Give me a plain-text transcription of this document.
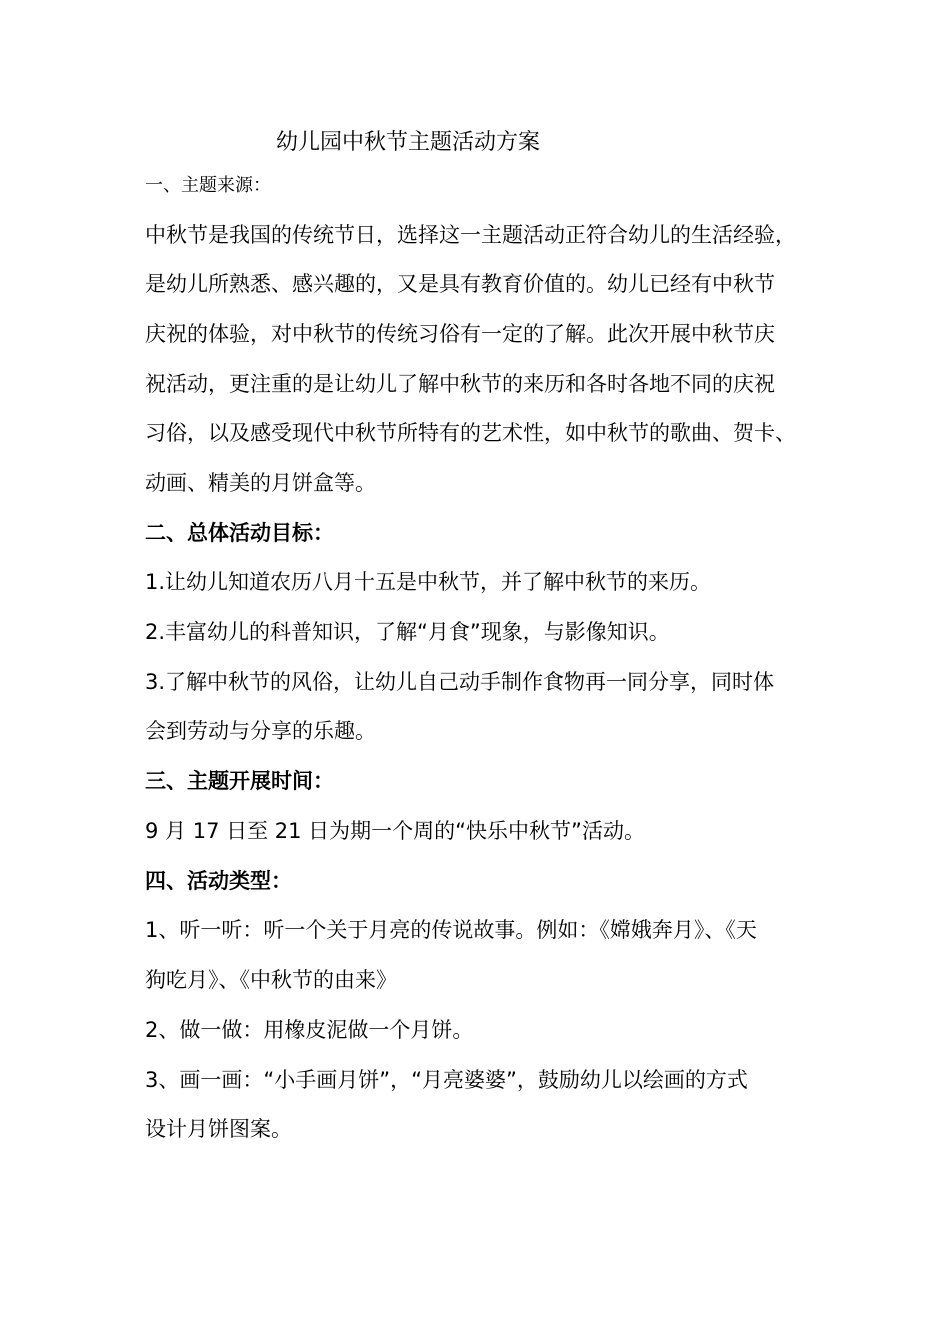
幼儿园中秋节主题活动方案
一、主题来源：
中秋节是我国的传统节日，选择这一主题活动正符合幼儿的生活经验，
是幼儿所熟悉、感兴趣的，又是具有教育价值的。幼儿已经有中秋节
庆祝的体验，对中秋节的传统习俗有一定的了解。此次开展中秋节庆
祝活动，更注重的是让幼儿了解中秋节的来历和各时各地不同的庆祝
习俗，以及感受现代中秋节所特有的艺术性，如中秋节的歌曲、贺卡、
动画、精美的月饼盒等。
二、总体活动目标：
1.让幼儿知道农历八月十五是中秋节，并了解中秋节的来历。
2.丰富幼儿的科普知识，了解“月食”现象，与影像知识。
3.了解中秋节的风俗，让幼儿自己动手制作食物再一同分享，同时体
会到劳动与分享的乐趣。
三、主题开展时间：
9 月 17 日至 21 日为期一个周的“快乐中秋节”活动。
四、活动类型：
1、听一听：听一个关于月亮的传说故事。例如：《嫦娥奔月》、《天
狗吃月》、《中秋节的由来》
2、做一做：用橡皮泥做一个月饼。
3、画一画：“小手画月饼”，“月亮婆婆”，鼓励幼儿以绘画的方式
设计月饼图案。
